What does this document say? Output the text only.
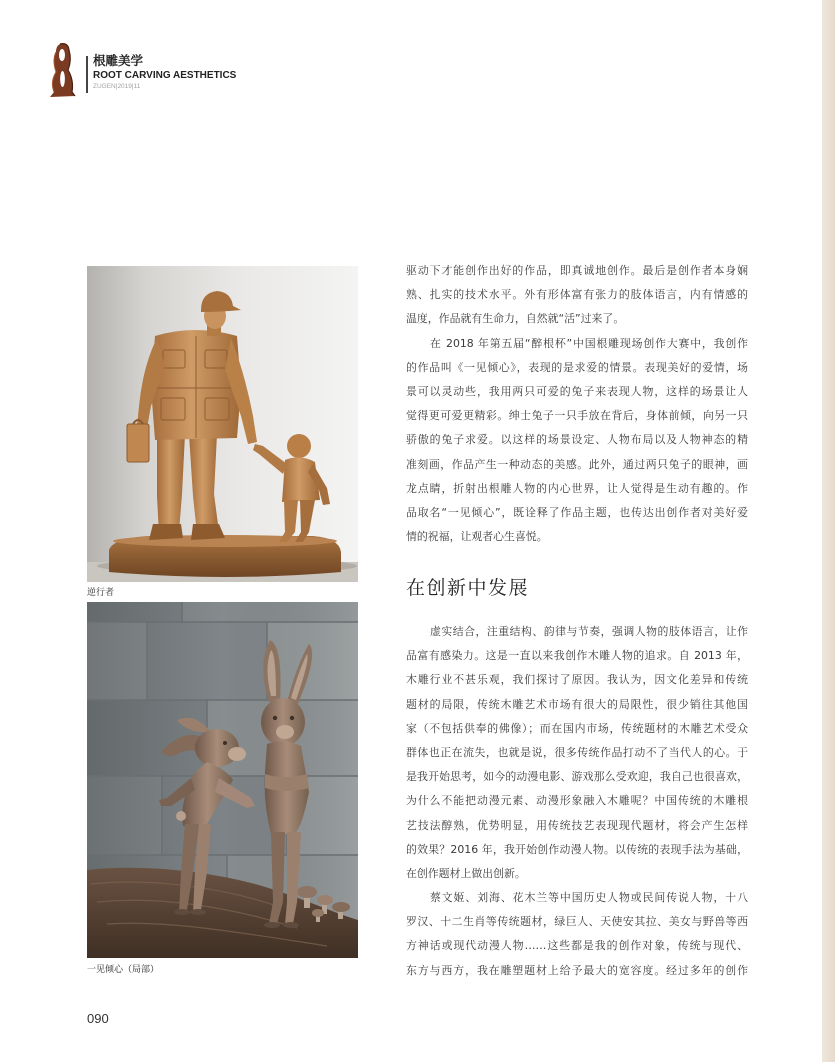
根雕美学
ROOT CARVING AESTHETICS
ZUGEN|2019|11
逆行者
一见倾心（局部）
驱动下才能创作出好的作品，即真诚地创作。最后是创作者本身娴
熟、扎实的技术水平。外有形体富有张力的肢体语言，内有情感的
温度，作品就有生命力，自然就“活”过来了。
在 2018 年第五届“醉根杯”中国根雕现场创作大赛中，我创作
的作品叫《一见倾心》，表现的是求爱的情景。表现美好的爱情，场
景可以灵动些，我用两只可爱的兔子来表现人物，这样的场景让人
觉得更可爱更精彩。绅士兔子一只手放在背后，身体前倾，向另一只
骄傲的兔子求爱。以这样的场景设定、人物布局以及人物神态的精
准刻画，作品产生一种动态的美感。此外，通过两只兔子的眼神，画
龙点睛，折射出根雕人物的内心世界，让人觉得是生动有趣的。作
品取名“一见倾心”，既诠释了作品主题，也传达出创作者对美好爱
情的祝福，让观者心生喜悦。
在创新中发展
虚实结合，注重结构、韵律与节奏，强调人物的肢体语言，让作
品富有感染力。这是一直以来我创作木雕人物的追求。自 2013 年，
木雕行业不甚乐观，我们探讨了原因。我认为，因文化差异和传统
题材的局限，传统木雕艺术市场有很大的局限性，很少销往其他国
家（不包括供奉的佛像）；而在国内市场，传统题材的木雕艺术受众
群体也正在流失，也就是说，很多传统作品打动不了当代人的心。于
是我开始思考，如今的动漫电影、游戏那么受欢迎，我自己也很喜欢，
为什么不能把动漫元素、动漫形象融入木雕呢？中国传统的木雕根
艺技法醇熟，优势明显，用传统技艺表现现代题材，将会产生怎样
的效果？2016 年，我开始创作动漫人物。以传统的表现手法为基础，
在创作题材上做出创新。
蔡文姬、刘海、花木兰等中国历史人物或民间传说人物，十八
罗汉、十二生肖等传统题材，绿巨人、天使安其拉、美女与野兽等西
方神话或现代动漫人物……这些都是我的创作对象，传统与现代、
东方与西方，我在雕塑题材上给予最大的宽容度。经过多年的创作
090
